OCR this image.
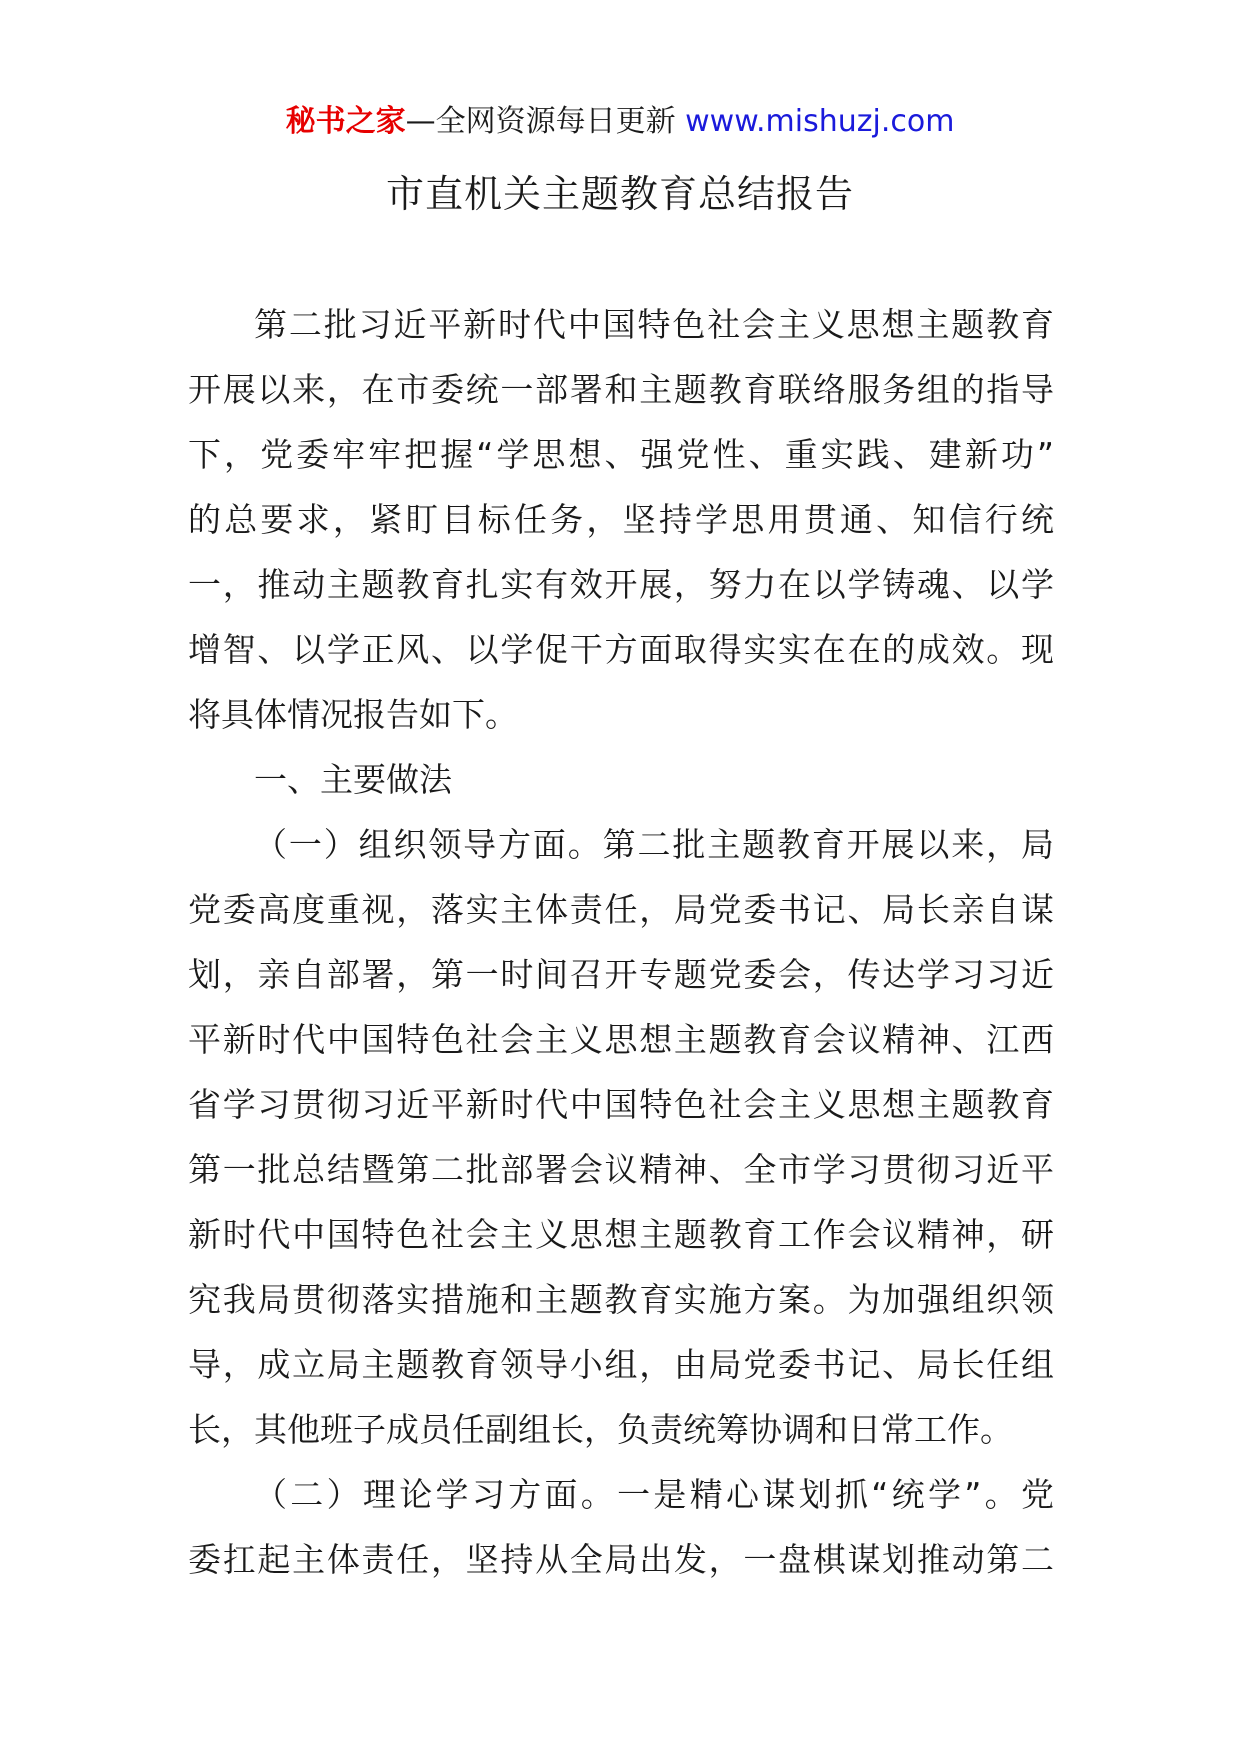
秘书之家—全网资源每日更新 www.mishuzj.com
市直机关主题教育总结报告
第二批习近平新时代中国特色社会主义思想主题教育
开展以来，在市委统一部署和主题教育联络服务组的指导
下，党委牢牢把握“学思想、强党性、重实践、建新功”
的总要求，紧盯目标任务，坚持学思用贯通、知信行统
一，推动主题教育扎实有效开展，努力在以学铸魂、以学
增智、以学正风、以学促干方面取得实实在在的成效。现
将具体情况报告如下。
一、主要做法
（一）组织领导方面。第二批主题教育开展以来，局
党委高度重视，落实主体责任，局党委书记、局长亲自谋
划，亲自部署，第一时间召开专题党委会，传达学习习近
平新时代中国特色社会主义思想主题教育会议精神、江西
省学习贯彻习近平新时代中国特色社会主义思想主题教育
第一批总结暨第二批部署会议精神、全市学习贯彻习近平
新时代中国特色社会主义思想主题教育工作会议精神，研
究我局贯彻落实措施和主题教育实施方案。为加强组织领
导，成立局主题教育领导小组，由局党委书记、局长任组
长，其他班子成员任副组长，负责统筹协调和日常工作。
（二）理论学习方面。一是精心谋划抓“统学”。党
委扛起主体责任，坚持从全局出发，一盘棋谋划推动第二
